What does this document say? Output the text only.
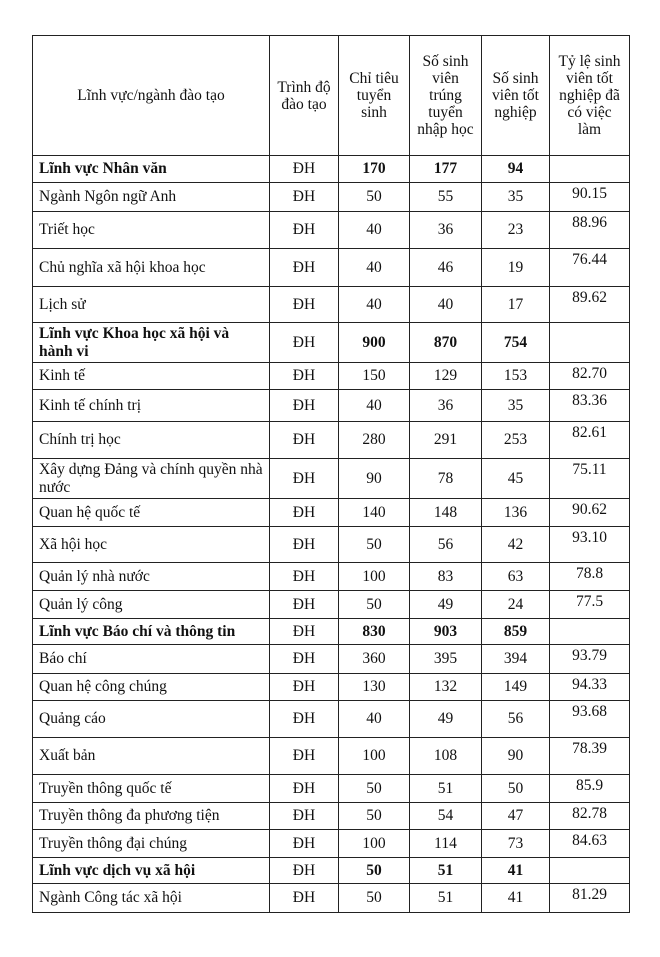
Lĩnh vực/ngành đào tạo	Trình độ đào tạo	Chỉ tiêu tuyển sinh	Số sinh viên trúng tuyển nhập học	Số sinh viên tốt nghiệp	Tỷ lệ sinh viên tốt nghiệp đã có việc làm
Lĩnh vực Nhân văn	ĐH	170	177	94	
Ngành Ngôn ngữ Anh	ĐH	50	55	35	90.15
Triết học	ĐH	40	36	23	88.96
Chủ nghĩa xã hội khoa học	ĐH	40	46	19	76.44
Lịch sử	ĐH	40	40	17	89.62
Lĩnh vực Khoa học xã hội và hành vi	ĐH	900	870	754	
Kinh tế	ĐH	150	129	153	82.70
Kinh tế chính trị	ĐH	40	36	35	83.36
Chính trị học	ĐH	280	291	253	82.61
Xây dựng Đảng và chính quyền nhà nước	ĐH	90	78	45	75.11
Quan hệ quốc tế	ĐH	140	148	136	90.62
Xã hội học	ĐH	50	56	42	93.10
Quản lý nhà nước	ĐH	100	83	63	78.8
Quản lý công	ĐH	50	49	24	77.5
Lĩnh vực Báo chí và thông tin	ĐH	830	903	859	
Báo chí	ĐH	360	395	394	93.79
Quan hệ công chúng	ĐH	130	132	149	94.33
Quảng cáo	ĐH	40	49	56	93.68
Xuất bản	ĐH	100	108	90	78.39
Truyền thông quốc tế	ĐH	50	51	50	85.9
Truyền thông đa phương tiện	ĐH	50	54	47	82.78
Truyền thông đại chúng	ĐH	100	114	73	84.63
Lĩnh vực dịch vụ xã hội	ĐH	50	51	41	
Ngành Công tác xã hội	ĐH	50	51	41	81.29
